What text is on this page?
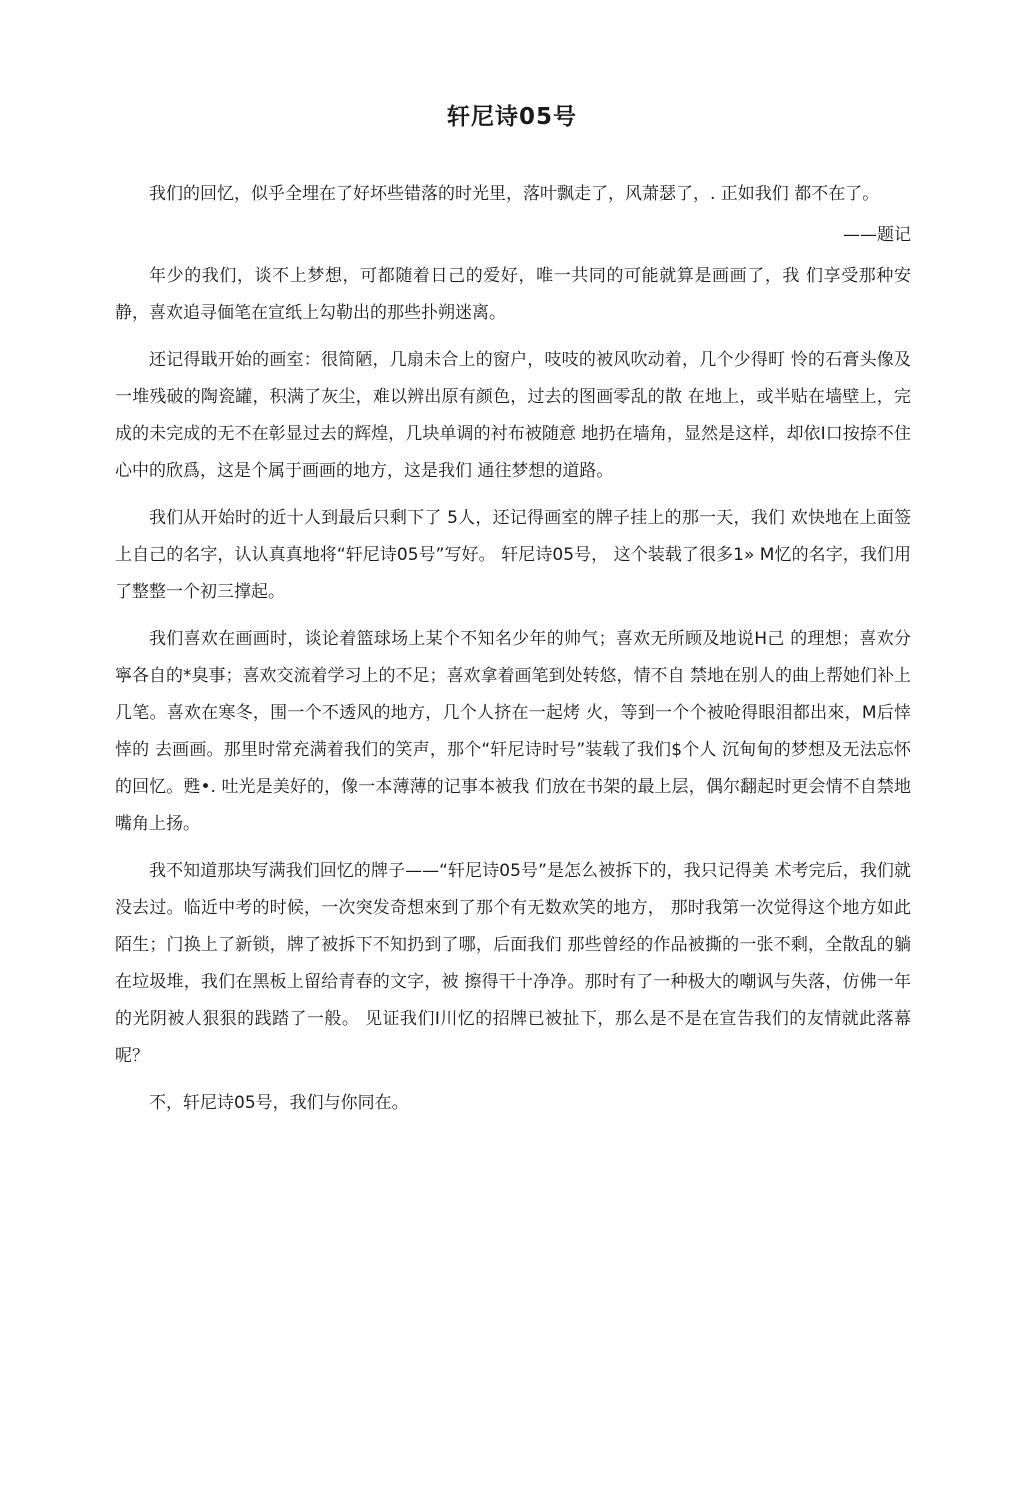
轩尼诗05号

我们的回忆，似乎全埋在了好坏些错落的时光里，落叶飘走了，风萧瑟了，. 正如我们 都不在了。

——题记

年少的我们，谈不上梦想，可都随着日己的爱好，唯一共同的可能就算是画画了，我 们享受那种安静，喜欢追寻偭笔在宣纸上勾勒出的那些扑朔迷离。

还记得戢开始的画室：很简陋，几扇未合上的窗户，吱吱的被风吹动着，几个少得町 怜的石膏头像及一堆残破的陶瓷罐，积满了灰尘，难以辨出原有颜色，过去的图画零乱的散 在地上，或半贴在墙壁上，完成的未完成的无不在彰显过去的辉煌，几块单调的衬布被随意 地扔在墙角，显然是这样，却依I口按捺不住心中的欣爲，这是个属于画画的地方，这是我们 通往梦想的道路。

我们从开始时的近十人到最后只剩下了 5人，还记得画室的牌子挂上的那一天，我们 欢快地在上面签上自己的名字，认认真真地将“轩尼诗05号”写好。 轩尼诗05号， 这个装载了很多1» M忆的名字，我们用了整整一个初三撑起。

我们喜欢在画画时，谈论着篮球场上某个不知名少年的帅气；喜欢无所顾及地说H己 的理想；喜欢分寧各自的*臭事；喜欢交流着学习上的不足；喜欢拿着画笔到处转悠，情不自 禁地在别人的曲上帮她们补上几笔。喜欢在寒冬，围一个不透风的地方，几个人挤在一起烤 火，等到一个个被呛得眼泪都出來，M后悻悻的 去画画。那里时常充满着我们的笑声，那个“轩尼诗时号”装载了我们$个人 沉甸甸的梦想及无法忘怀的回忆。甦•. 吐光是美好的，像一本薄薄的记事本被我 们放在书架的最上层，偶尔翻起时更会情不自禁地嘴角上扬。

我不知道那块写满我们回忆的牌子——“轩尼诗05号”是怎么被拆下的，我只记得美 术考完后，我们就没去过。临近中考的时候，一次突发奇想來到了那个有无数欢笑的地方， 那时我第一次觉得这个地方如此陌生；门换上了新锁，牌了被拆下不知扔到了哪，后面我们 那些曾经的作品被撕的一张不剩，全散乱的躺在垃圾堆，我们在黑板上留给青春的文字，被 擦得干十净净。那时有了一种极大的嘲讽与失落，仿佛一年的光阴被人狠狠的践踏了一般。 见证我们I川忆的招牌已被扯下，那么是不是在宣告我们的友情就此落幕呢？

不，轩尼诗05号，我们与你同在。
